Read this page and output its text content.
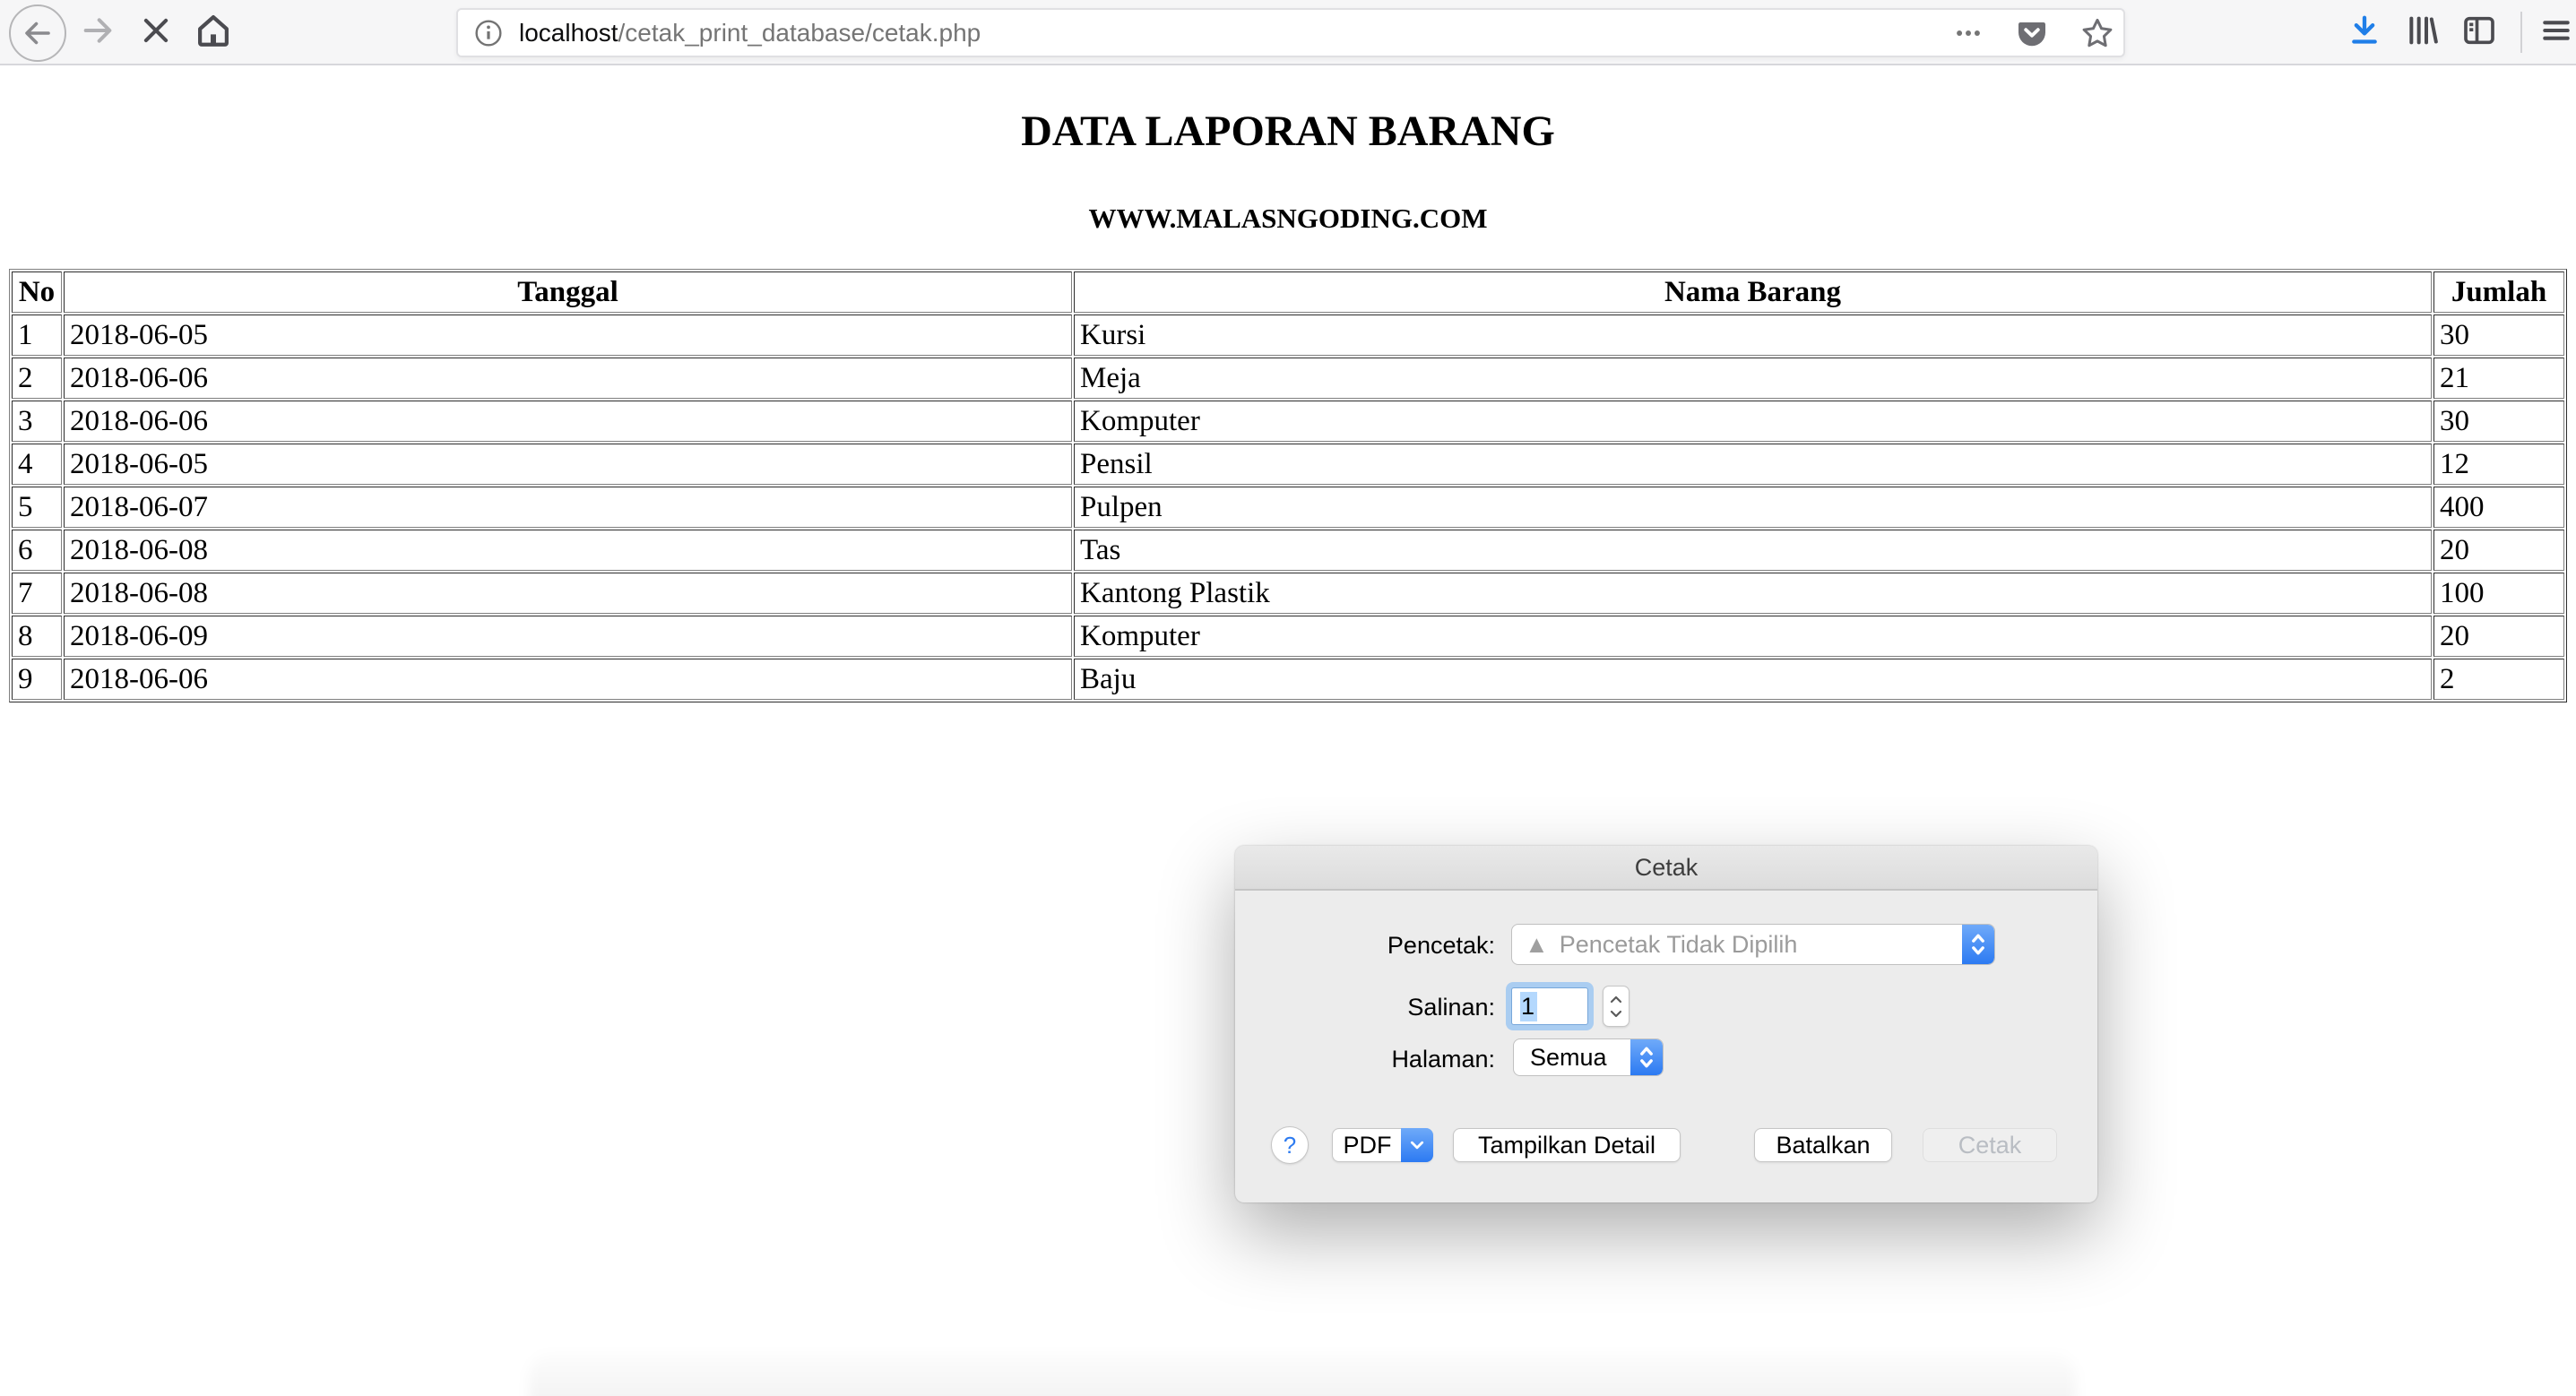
localhost/cetak_print_database/cetak.php
DATA LAPORAN BARANG
WWW.MALASNGODING.COM
No	Tanggal	Nama Barang	Jumlah
1	2018-06-05	Kursi	30
2	2018-06-06	Meja	21
3	2018-06-06	Komputer	30
4	2018-06-05	Pensil	12
5	2018-06-07	Pulpen	400
6	2018-06-08	Tas	20
7	2018-06-08	Kantong Plastik	100
8	2018-06-09	Komputer	20
9	2018-06-06	Baju	2
Cetak
Pencetak: ▲ Pencetak Tidak Dipilih
Salinan: 1
Halaman: Semua
?	PDF	Tampilkan Detail	Batalkan	Cetak
